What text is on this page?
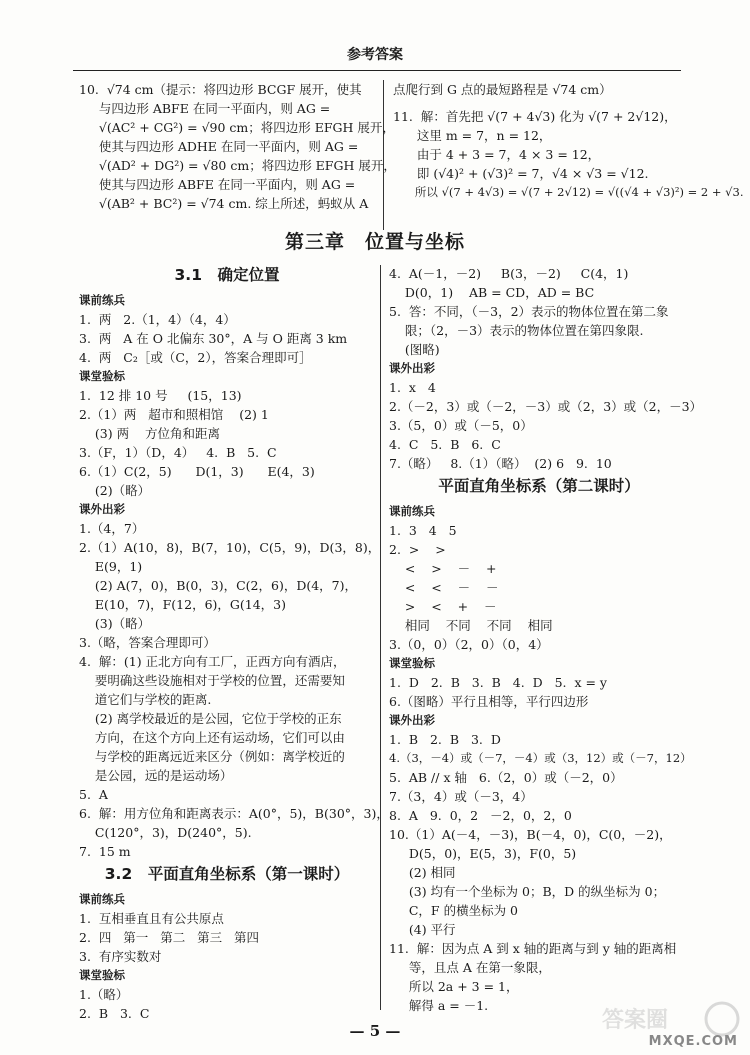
参考答案
10.  √74 cm（提示：将四边形 BCGF 展开，使其
与四边形 ABFE 在同一平面内，则 AG =
√(AC² + CG²) = √90 cm；将四边形 EFGH 展开，
使其与四边形 ADHE 在同一平面内，则 AG =
√(AD² + DG²) = √80 cm；将四边形 EFGH 展开，
使其与四边形 ABFE 在同一平面内，则 AG =
√(AB² + BC²) = √74 cm. 综上所述，蚂蚁从 A
点爬行到 G 点的最短路程是 √74 cm）
11.  解：首先把 √(7 + 4√3) 化为 √(7 + 2√12)，
这里 m = 7，n = 12，
由于 4 + 3 = 7，4 × 3 = 12，
即 (√4)² + (√3)² = 7，√4 × √3 = √12.
所以 √(7 + 4√3) = √(7 + 2√12) = √((√4 + √3)²) = 2 + √3.
第三章　位置与坐标
3.1　确定位置
课前练兵
1.  两   2.（1，4）（4，4）
3.  两   A 在 O 北偏东 30°，A 与 O 距离 3 km
4.  两   C₂［或（C，2），答案合理即可］
课堂验标
1.  12 排 10 号     (15，13)
2.（1）两   超市和照相馆    (2) 1
(3) 两    方位角和距离
3.（F，1）（D，4）   4.  B   5.  C
6.（1）C(2，5)      D(1，3)      E(4，3)
(2)（略）
课外出彩
1.（4，7）
2.（1）A(10，8)，B(7，10)，C(5，9)，D(3，8)，
E(9，1)
(2) A(7，0)，B(0，3)，C(2，6)，D(4，7)，
E(10，7)，F(12，6)，G(14，3)
(3)（略）
3.（略，答案合理即可）
4.  解：(1) 正北方向有工厂，正西方向有酒店，
要明确这些设施相对于学校的位置，还需要知
道它们与学校的距离.
(2) 离学校最近的是公园，它位于学校的正东
方向，在这个方向上还有运动场，它们可以由
与学校的距离远近来区分（例如：离学校近的
是公园，远的是运动场）
5.  A
6.  解：用方位角和距离表示：A(0°，5)，B(30°，3)，
C(120°，3)，D(240°，5).
7.  15 m
3.2　平面直角坐标系（第一课时）
课前练兵
1.  互相垂直且有公共原点
2.  四   第一   第二   第三   第四
3.  有序实数对
课堂验标
1.（略）
2.  B   3.  C
4.  A(－1，－2)     B(3，－2)     C(4，1)
D(0，1)    AB = CD，AD = BC
5.  答：不同，（－3，2）表示的物体位置在第二象
限；（2，－3）表示的物体位置在第四象限.
(图略)
课外出彩
1.  x   4
2.（－2，3）或（－2，－3）或（2，3）或（2，－3）
3.（5，0）或（－5，0）
4.  C   5.  B   6.  C
7.（略）   8.（1）（略）  (2) 6   9.  10
平面直角坐标系（第二课时）
课前练兵
1.  3   4   5
2.  >    >
<    >    －    +
<    <    －    －
>    <    +    －
相同    不同    不同    相同
3.（0，0）（2，0）（0，4）
课堂验标
1.  D   2.  B   3.  B   4.  D   5.  x = y
6.（图略）平行且相等，平行四边形
课外出彩
1.  B   2.  B   3.  D
4.（3，－4）或（－7，－4）或（3，12）或（－7，12）
5.  AB // x 轴   6.（2，0）或（－2，0）
7.（3，4）或（－3，4）
8.  A   9.  0，2   －2，0，2，0
10.（1）A(－4，－3)，B(－4，0)，C(0，－2)，
D(5，0)，E(5，3)，F(0，5)
(2) 相同
(3) 均有一个坐标为 0；B，D 的纵坐标为 0；
C，F 的横坐标为 0
(4) 平行
11.  解：因为点 A 到 x 轴的距离与到 y 轴的距离相
等，且点 A 在第一象限，
所以 2a + 3 = 1，
解得 a = －1.
— 5 —	答案圈
MXQE.COM
